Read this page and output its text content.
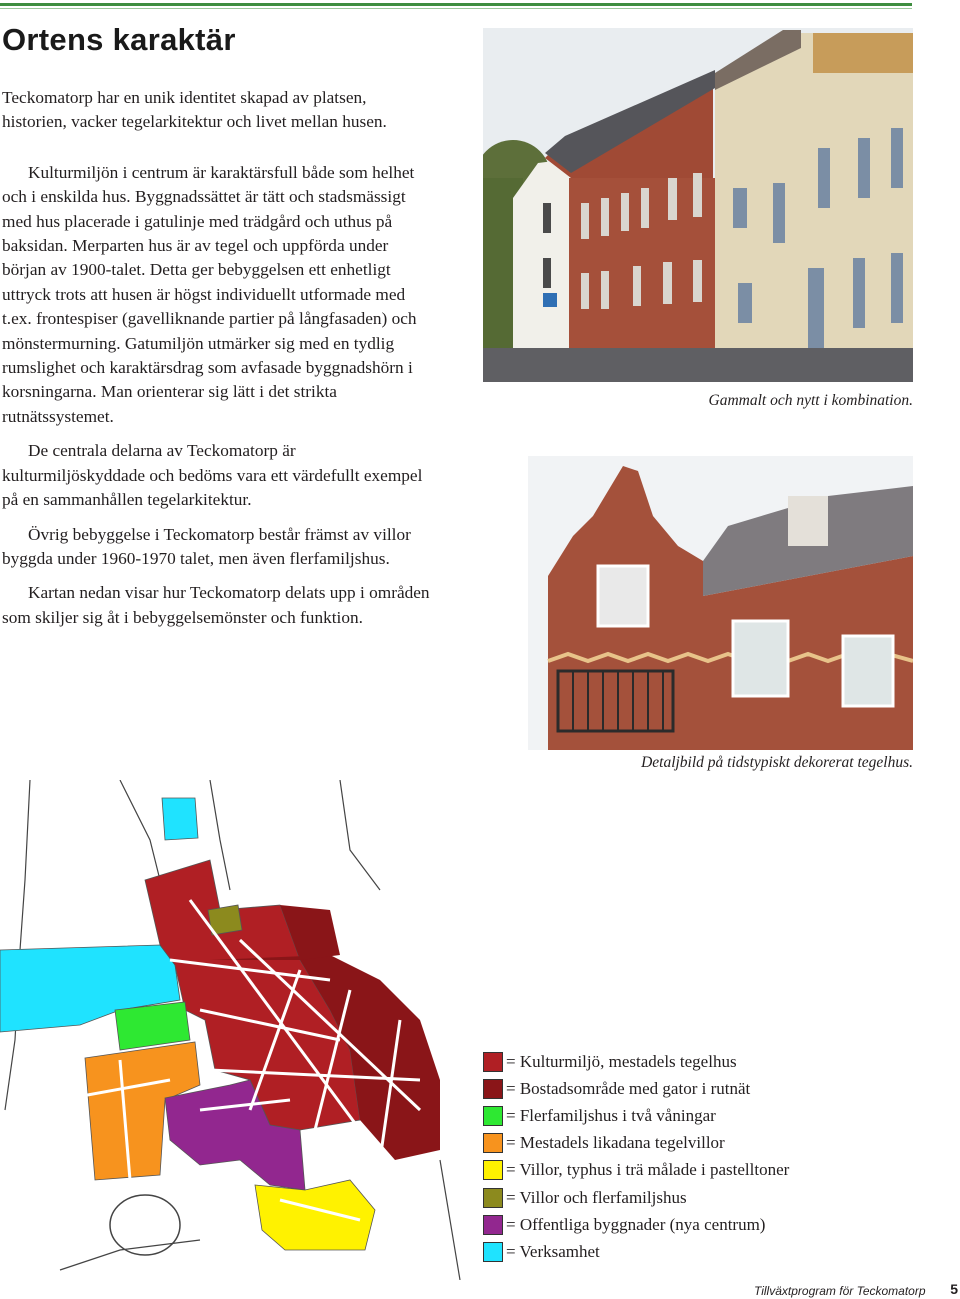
Ortens karaktär

Teckomatorp har en unik identitet skapad av platsen, historien, vacker tegelarkitektur och livet mellan husen.

Kulturmiljön i centrum är karaktärsfull både som helhet och i enskilda hus. Byggnadssättet är tätt och stadsmässigt med hus placerade i gatulinje med trädgård och uthus på baksidan. Merparten hus är av tegel och uppförda under början av 1900-talet. Detta ger bebyggelsen ett enhetligt uttryck trots att husen är högst individuellt utformade med t.ex. frontespiser (gavelliknande partier på långfasaden) och mönstermurning. Gatumiljön utmärker sig med en tydlig rumslighet och karaktärsdrag som avfasade byggnadshörn i korsningarna. Man orienterar sig lätt i det strikta rutnätssystemet.

De centrala delarna av Teckomatorp är kulturmiljöskyddade och bedöms vara ett värdefullt exempel på en sammanhållen tegelarkitektur.

Övrig bebyggelse i Teckomatorp består främst av villor byggda under 1960-1970 talet, men även flerfamiljshus.

Kartan nedan visar hur Teckomatorp delats upp i områden som skiljer sig åt i bebyggelsemönster och funktion.

Gammalt och nytt i kombination.
Detaljbild på tidstypiskt dekorerat tegelhus.
= Kulturmiljö, mestadels tegelhus
= Bostadsområde med gator i rutnät
= Flerfamiljshus i två våningar
= Mestadels likadana tegelvillor
= Villor, typhus i trä målade i pastelltoner
= Villor och flerfamiljshus
= Offentliga byggnader (nya centrum)
= Verksamhet
Tillväxtprogram för Teckomatorp 5
